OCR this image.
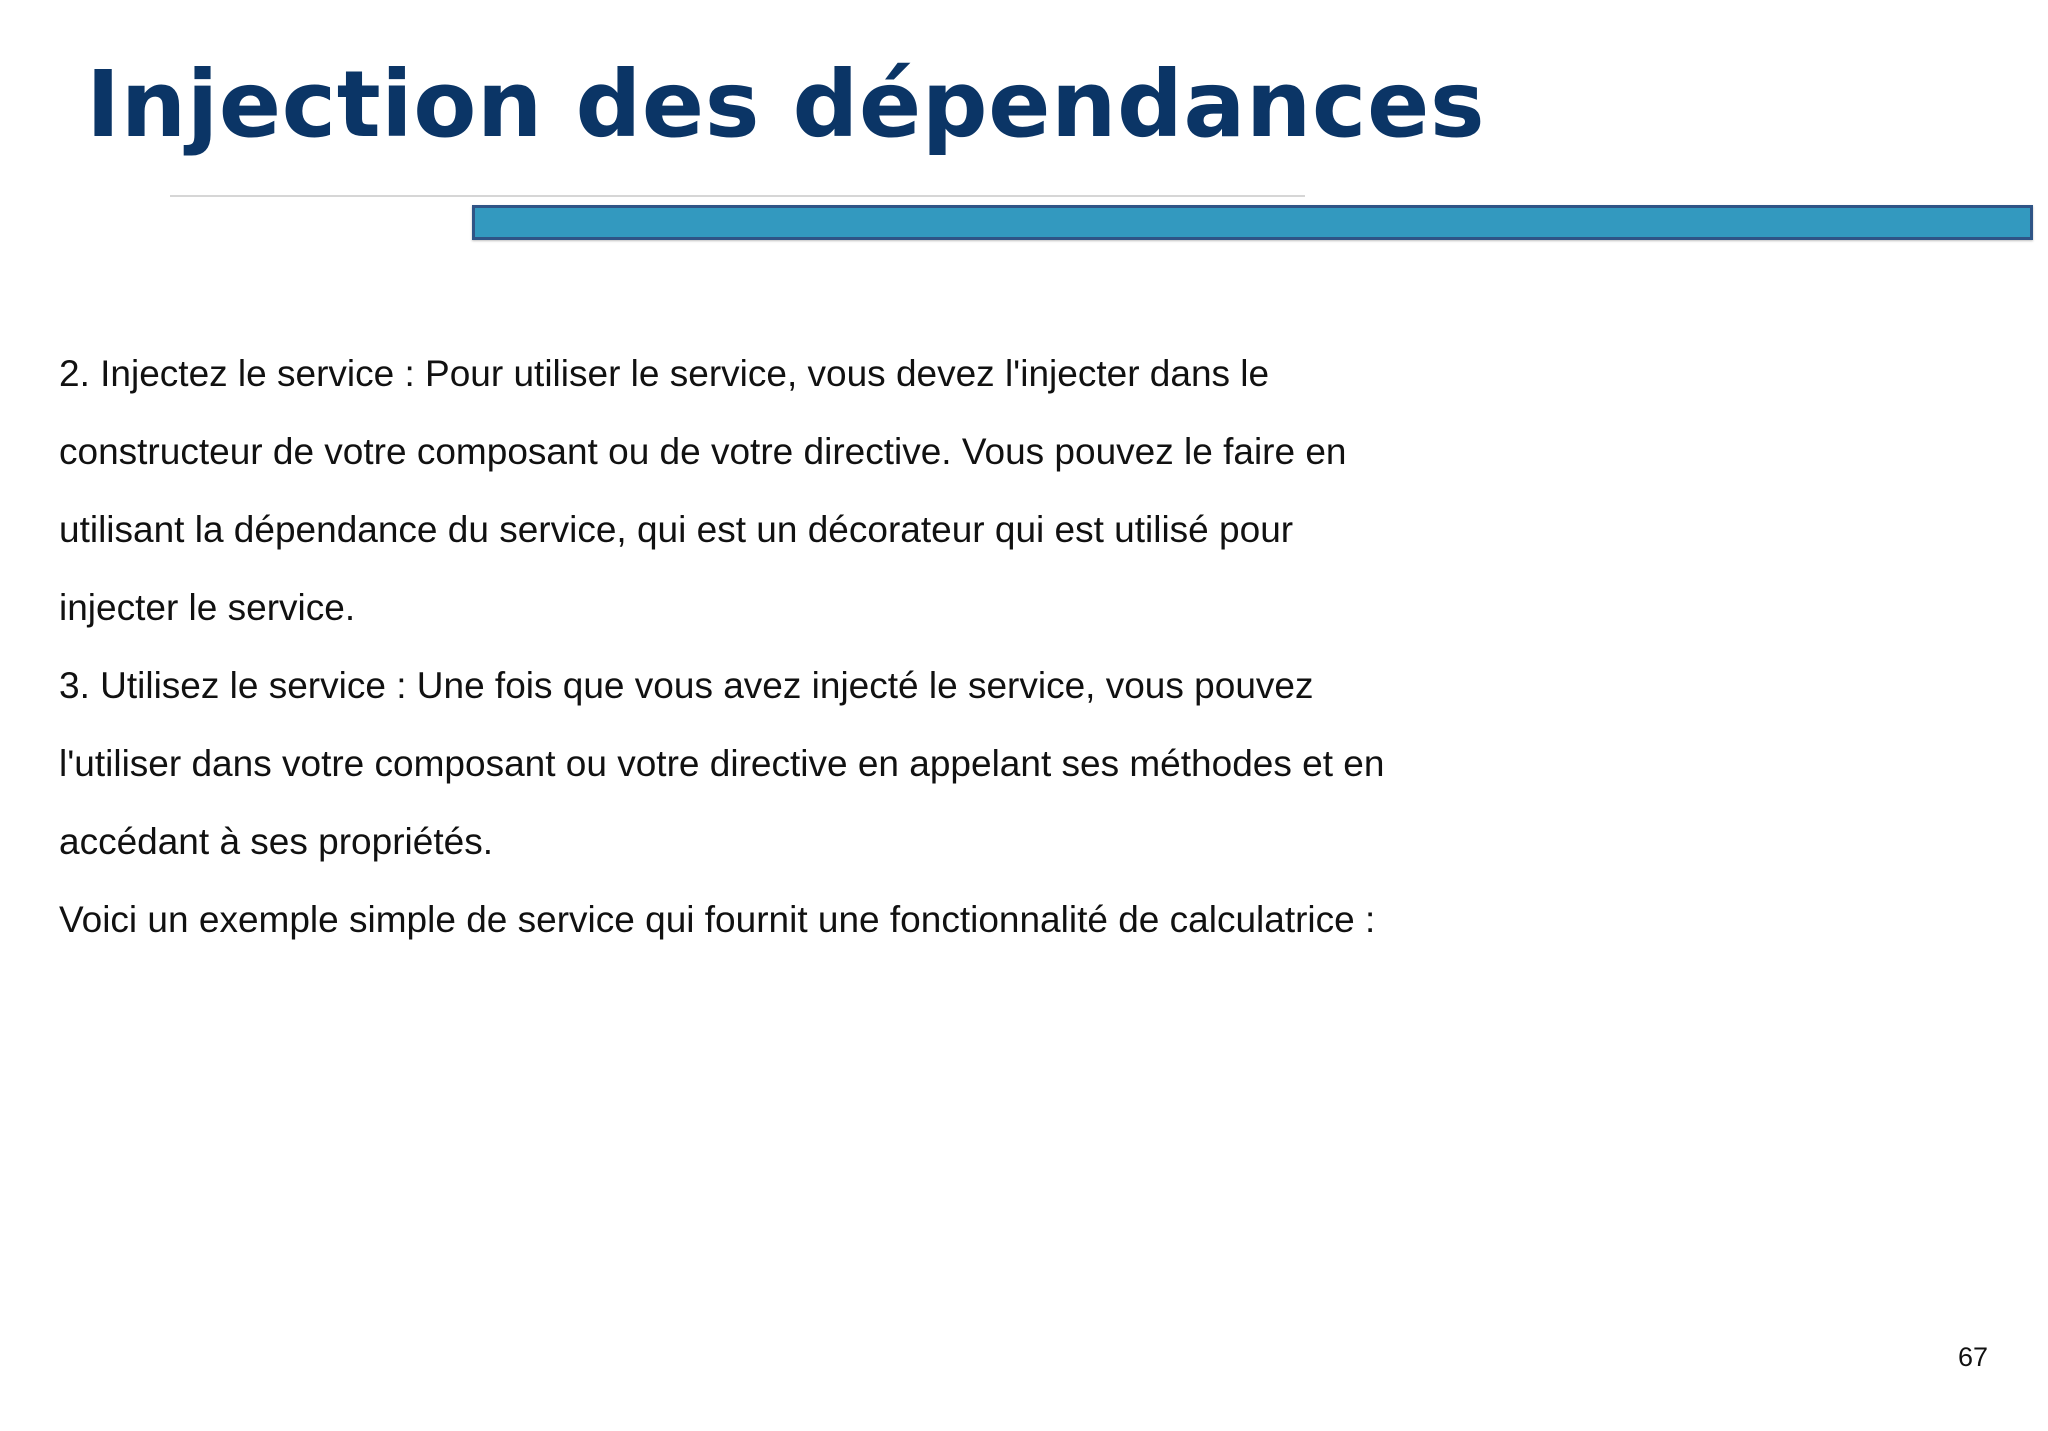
Injection des dépendances
2. Injectez le service : Pour utiliser le service, vous devez l'injecter dans le
constructeur de votre composant ou de votre directive. Vous pouvez le faire en
utilisant la dépendance du service, qui est un décorateur qui est utilisé pour
injecter le service.
3. Utilisez le service : Une fois que vous avez injecté le service, vous pouvez
l'utiliser dans votre composant ou votre directive en appelant ses méthodes et en
accédant à ses propriétés.
Voici un exemple simple de service qui fournit une fonctionnalité de calculatrice :
67
